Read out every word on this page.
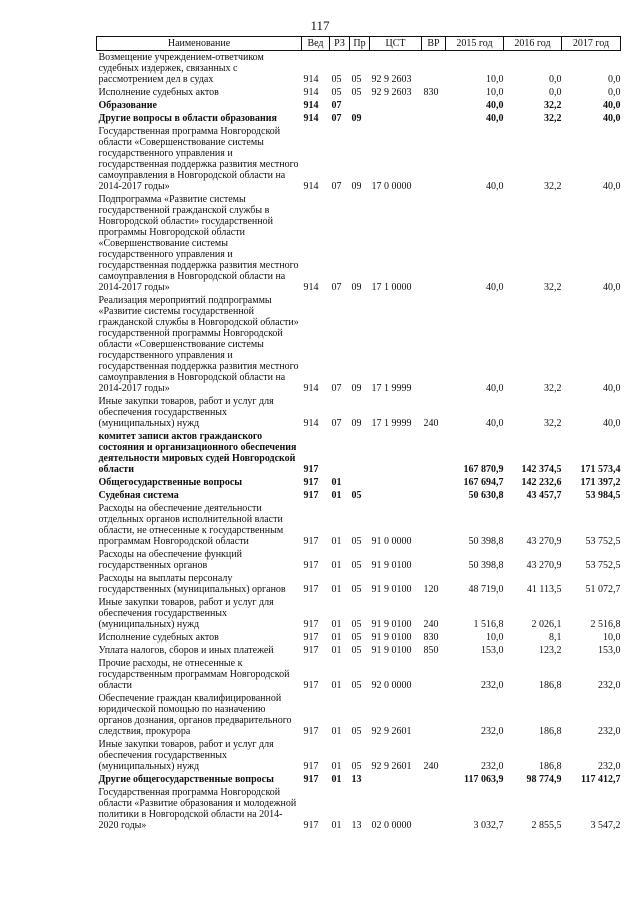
117
Наименование	Вед	РЗ	Пр	ЦСТ	ВР	2015 год	2016 год	2017 год
Возмещение учреждением-ответчиком судебных издержек, связанных с рассмотрением дел в судах	914	05	05	92 9 2603		10,0	0,0	0,0
Исполнение судебных актов	914	05	05	92 9 2603	830	10,0	0,0	0,0
Образование	914	07				40,0	32,2	40,0
Другие вопросы в области образования	914	07	09			40,0	32,2	40,0
Государственная программа Новгородской области «Совершенствование системы государственного управления и государственная поддержка развития местного самоуправления в Новгородской области на 2014-2017 годы»	914	07	09	17 0 0000		40,0	32,2	40,0
Подпрограмма «Развитие системы государственной гражданской службы в Новгородской области» государственной программы Новгородской области «Совершенствование системы государственного управления и государственная поддержка развития местного самоуправления в Новгородской области на 2014-2017 годы»	914	07	09	17 1 0000		40,0	32,2	40,0
Реализация мероприятий подпрограммы «Развитие системы государственной гражданской службы в Новгородской области» государственной программы Новгородской области «Совершенствование системы государственного управления и государственная поддержка развития местного самоуправления в Новгородской области на 2014-2017 годы»	914	07	09	17 1 9999		40,0	32,2	40,0
Иные закупки товаров, работ и услуг для обеспечения государственных (муниципальных) нужд	914	07	09	17 1 9999	240	40,0	32,2	40,0
комитет записи актов гражданского состояния и организационного обеспечения деятельности мировых судей Новгородской области	917					167 870,9	142 374,5	171 573,4
Общегосударственные вопросы	917	01				167 694,7	142 232,6	171 397,2
Судебная система	917	01	05			50 630,8	43 457,7	53 984,5
Расходы на обеспечение деятельности отдельных органов исполнительной власти области, не отнесенные к государственным программам Новгородской области	917	01	05	91 0 0000		50 398,8	43 270,9	53 752,5
Расходы на обеспечение функций государственных органов	917	01	05	91 9 0100		50 398,8	43 270,9	53 752,5
Расходы на выплаты персоналу государственных (муниципальных) органов	917	01	05	91 9 0100	120	48 719,0	41 113,5	51 072,7
Иные закупки товаров, работ и услуг для обеспечения государственных (муниципальных) нужд	917	01	05	91 9 0100	240	1 516,8	2 026,1	2 516,8
Исполнение судебных актов	917	01	05	91 9 0100	830	10,0	8,1	10,0
Уплата налогов, сборов и иных платежей	917	01	05	91 9 0100	850	153,0	123,2	153,0
Прочие расходы, не отнесенные к государственным программам Новгородской области	917	01	05	92 0 0000		232,0	186,8	232,0
Обеспечение граждан квалифицированной юридической помощью по назначению органов дознания, органов предварительного следствия, прокурора	917	01	05	92 9 2601		232,0	186,8	232,0
Иные закупки товаров, работ и услуг для обеспечения государственных (муниципальных) нужд	917	01	05	92 9 2601	240	232,0	186,8	232,0
Другие общегосударственные вопросы	917	01	13			117 063,9	98 774,9	117 412,7
Государственная программа Новгородской области «Развитие образования и молодежной политики в Новгородской области на 2014-2020 годы»	917	01	13	02 0 0000		3 032,7	2 855,5	3 547,2
